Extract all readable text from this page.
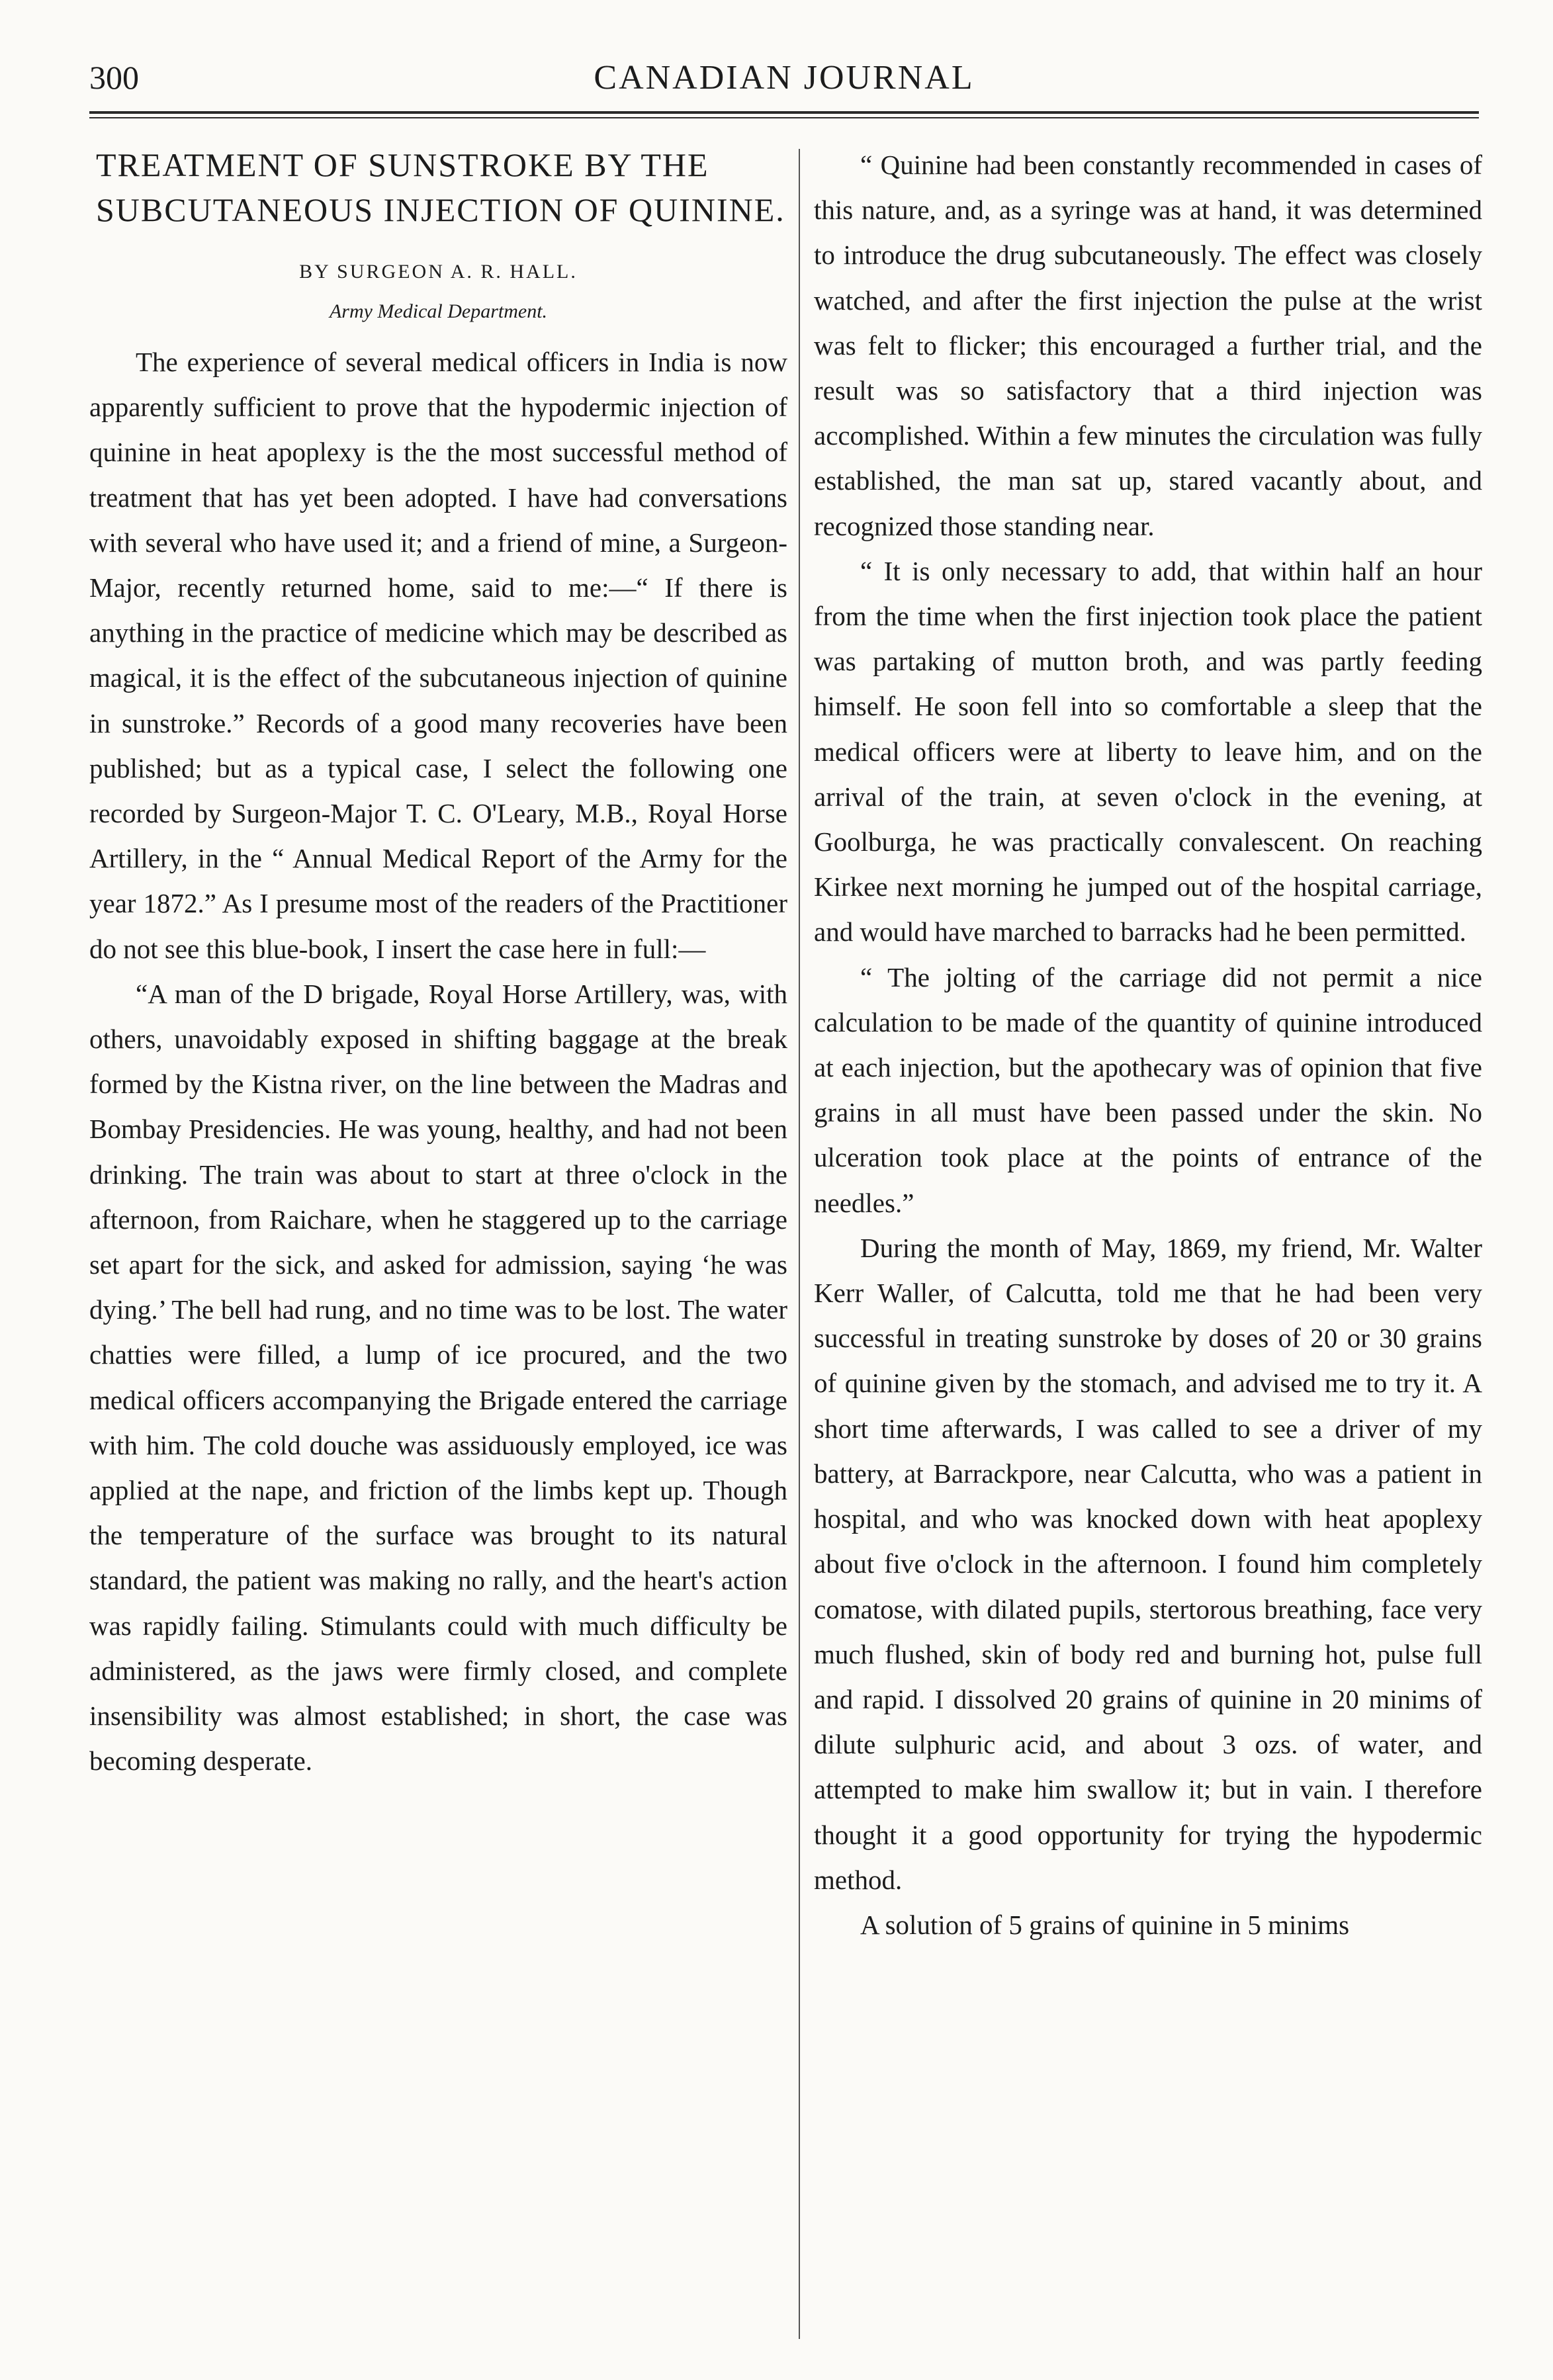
300	CANADIAN JOURNAL
TREATMENT OF SUNSTROKE BY THE SUBCUTANEOUS INJECTION OF QUININE.
BY SURGEON A. R. HALL.
Army Medical Department.

The experience of several medical officers in India is now apparently sufficient to prove that the hypodermic injection of quinine in heat apoplexy is the the most successful method of treatment that has yet been adopted. I have had conversations with several who have used it; and a friend of mine, a Surgeon-Major, recently returned home, said to me:—“ If there is anything in the practice of medicine which may be described as magical, it is the effect of the subcutaneous injection of quinine in sunstroke.” Records of a good many recoveries have been published; but as a typical case, I select the following one recorded by Surgeon-Major T. C. O'Leary, M.B., Royal Horse Artillery, in the “ Annual Medical Report of the Army for the year 1872.” As I presume most of the readers of the Practitioner do not see this blue-book, I insert the case here in full:—

“A man of the D brigade, Royal Horse Artillery, was, with others, unavoidably exposed in shifting baggage at the break formed by the Kistna river, on the line between the Madras and Bombay Presidencies. He was young, healthy, and had not been drinking. The train was about to start at three o'clock in the afternoon, from Raichare, when he staggered up to the carriage set apart for the sick, and asked for admission, saying ‘he was dying.’ The bell had rung, and no time was to be lost. The water chatties were filled, a lump of ice procured, and the two medical officers accompanying the Brigade entered the carriage with him. The cold douche was assiduously employed, ice was applied at the nape, and friction of the limbs kept up. Though the temperature of the surface was brought to its natural standard, the patient was making no rally, and the heart's action was rapidly failing. Stimulants could with much difficulty be administered, as the jaws were firmly closed, and complete insensibility was almost established; in short, the case was becoming desperate.

“ Quinine had been constantly recommended in cases of this nature, and, as a syringe was at hand, it was determined to introduce the drug subcutaneously. The effect was closely watched, and after the first injection the pulse at the wrist was felt to flicker; this encouraged a further trial, and the result was so satisfactory that a third injection was accomplished. Within a few minutes the circulation was fully established, the man sat up, stared vacantly about, and recognized those standing near.

“ It is only necessary to add, that within half an hour from the time when the first injection took place the patient was partaking of mutton broth, and was partly feeding himself. He soon fell into so comfortable a sleep that the medical officers were at liberty to leave him, and on the arrival of the train, at seven o'clock in the evening, at Goolburga, he was practically convalescent. On reaching Kirkee next morning he jumped out of the hospital carriage, and would have marched to barracks had he been permitted.

“ The jolting of the carriage did not permit a nice calculation to be made of the quantity of quinine introduced at each injection, but the apothecary was of opinion that five grains in all must have been passed under the skin. No ulceration took place at the points of entrance of the needles.”

During the month of May, 1869, my friend, Mr. Walter Kerr Waller, of Calcutta, told me that he had been very successful in treating sunstroke by doses of 20 or 30 grains of quinine given by the stomach, and advised me to try it. A short time afterwards, I was called to see a driver of my battery, at Barrackpore, near Calcutta, who was a patient in hospital, and who was knocked down with heat apoplexy about five o'clock in the afternoon. I found him completely comatose, with dilated pupils, stertorous breathing, face very much flushed, skin of body red and burning hot, pulse full and rapid. I dissolved 20 grains of quinine in 20 minims of dilute sulphuric acid, and about 3 ozs. of water, and attempted to make him swallow it; but in vain. I therefore thought it a good opportunity for trying the hypodermic method.

A solution of 5 grains of quinine in 5 minims
